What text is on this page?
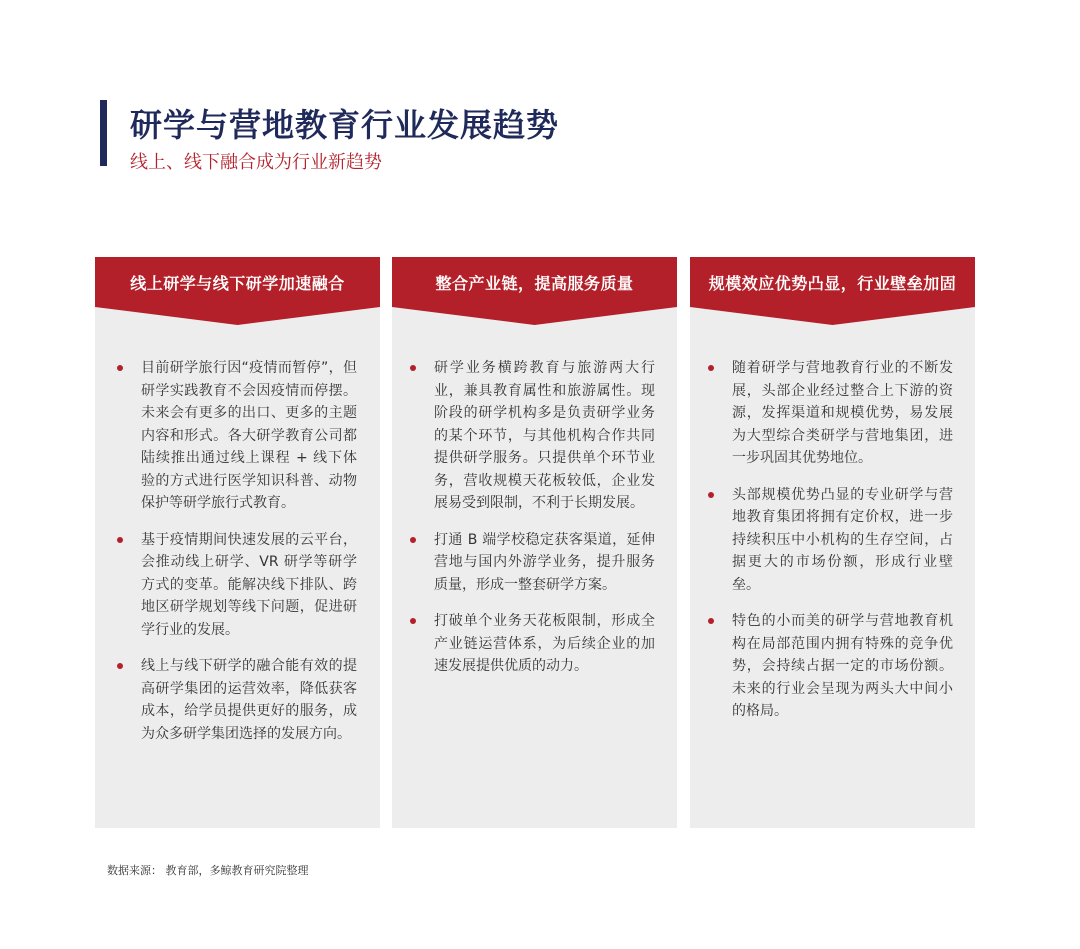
研学与营地教育行业发展趋势
线上、线下融合成为行业新趋势
线上研学与线下研学加速融合
目前研学旅行因“疫情而暂停”，但研学实践教育不会因疫情而停摆。未来会有更多的出口、更多的主题内容和形式。各大研学教育公司都陆续推出通过线上课程 + 线下体验的方式进行医学知识科普、动物保护等研学旅行式教育。
基于疫情期间快速发展的云平台，会推动线上研学、VR 研学等研学方式的变革。能解决线下排队、跨地区研学规划等线下问题，促进研学行业的发展。
线上与线下研学的融合能有效的提高研学集团的运营效率，降低获客成本，给学员提供更好的服务，成为众多研学集团选择的发展方向。
整合产业链，提高服务质量
研学业务横跨教育与旅游两大行业，兼具教育属性和旅游属性。现阶段的研学机构多是负责研学业务的某个环节，与其他机构合作共同提供研学服务。只提供单个环节业务，营收规模天花板较低，企业发展易受到限制，不利于长期发展。
打通 B 端学校稳定获客渠道，延伸营地与国内外游学业务，提升服务质量，形成一整套研学方案。
打破单个业务天花板限制，形成全产业链运营体系，为后续企业的加速发展提供优质的动力。
规模效应优势凸显，行业壁垒加固
随着研学与营地教育行业的不断发展，头部企业经过整合上下游的资源，发挥渠道和规模优势，易发展为大型综合类研学与营地集团，进一步巩固其优势地位。
头部规模优势凸显的专业研学与营地教育集团将拥有定价权，进一步持续积压中小机构的生存空间，占据更大的市场份额，形成行业壁垒。
特色的小而美的研学与营地教育机构在局部范围内拥有特殊的竞争优势，会持续占据一定的市场份额。未来的行业会呈现为两头大中间小的格局。
数据来源： 教育部，多鲸教育研究院整理
